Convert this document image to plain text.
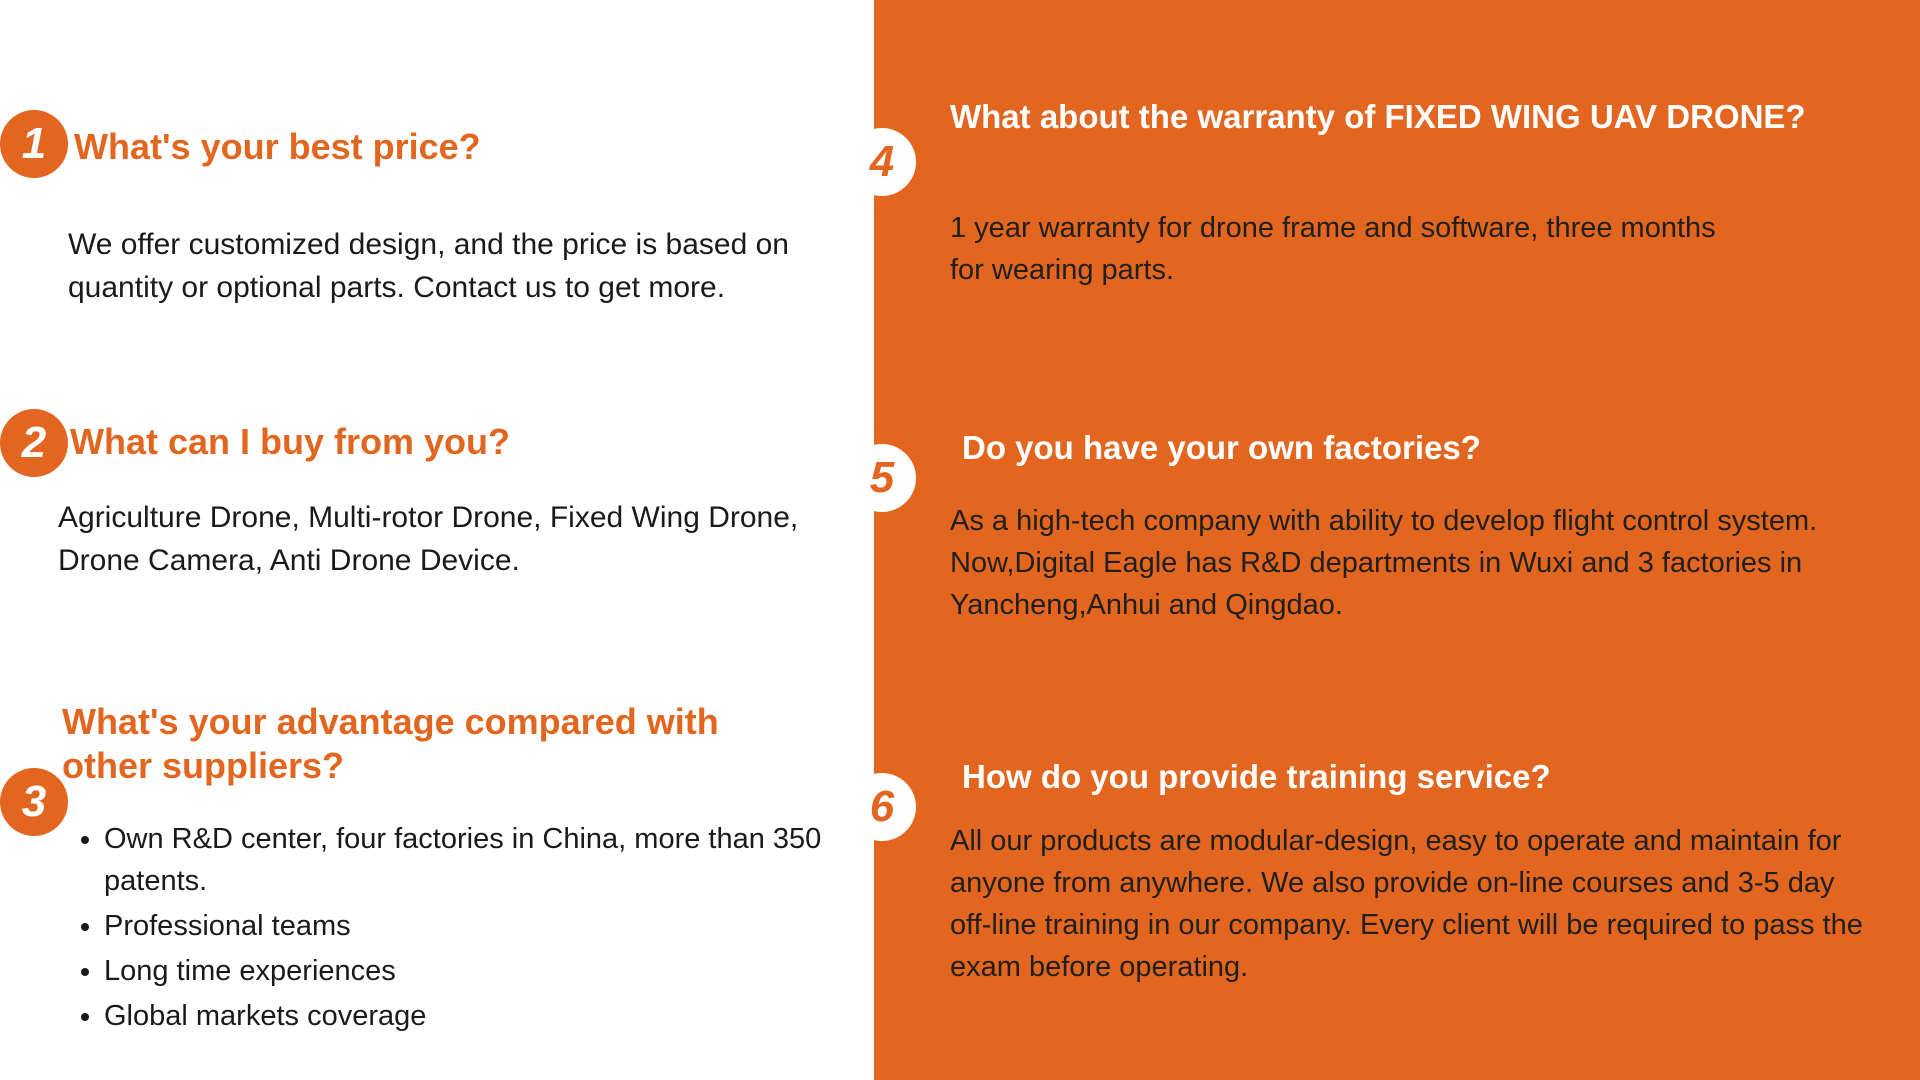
1 What's your best price?
We offer customized design, and the price is based on quantity or optional parts. Contact us to get more.
2 What can I buy from you?
Agriculture Drone, Multi-rotor Drone, Fixed Wing Drone, Drone Camera, Anti Drone Device.
3
What's your advantage compared with other suppliers?
• Own R&D center, four factories in China, more than 350 patents.
• Professional teams
• Long time experiences
• Global markets coverage
4
What about the warranty of FIXED WING UAV DRONE?
1 year warranty for drone frame and software, three months for wearing parts.
5
Do you have your own factories?
As a high-tech company with ability to develop flight control system. Now,Digital Eagle has R&D departments in Wuxi and 3 factories in Yancheng,Anhui and Qingdao.
6
How do you provide training service?
All our products are modular-design, easy to operate and maintain for anyone from anywhere. We also provide on-line courses and 3-5 day off-line training in our company. Every client will be required to pass the exam before operating.
